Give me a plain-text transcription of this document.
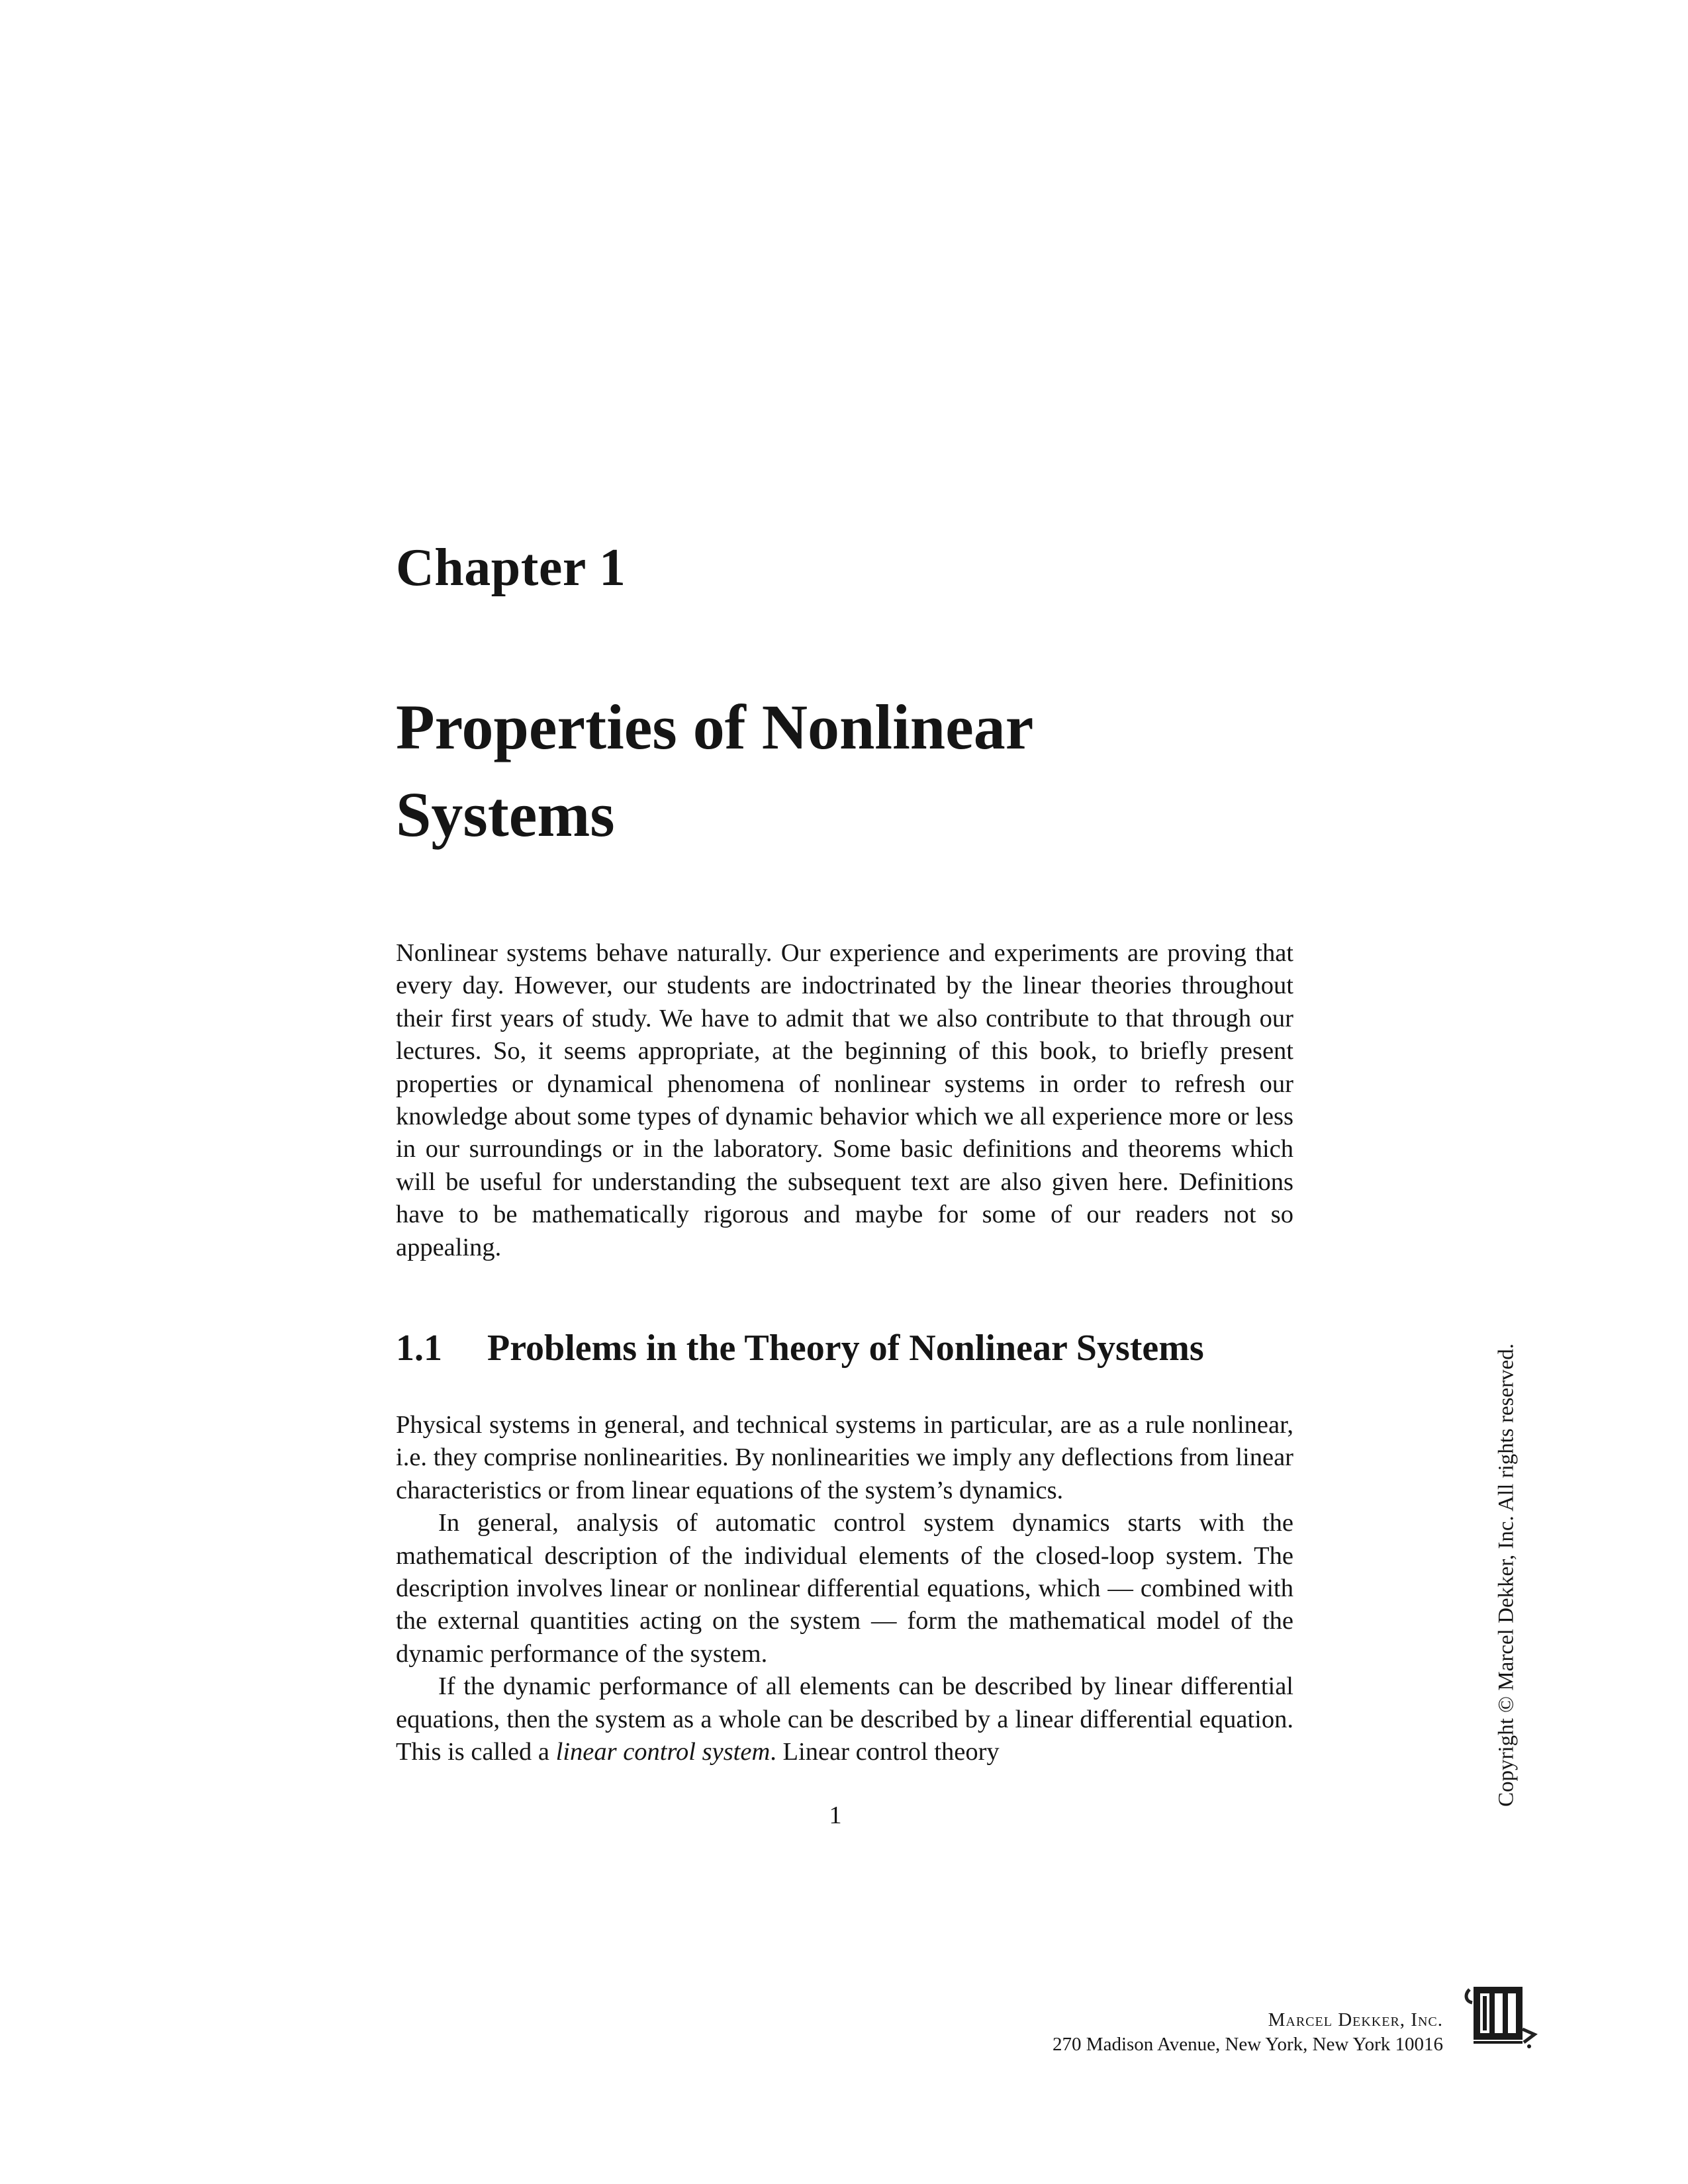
Chapter 1
Properties of Nonlinear
Systems

Nonlinear systems behave naturally. Our experience and experiments are proving that every day. However, our students are indoctrinated by the linear theories throughout their first years of study. We have to admit that we also contribute to that through our lectures. So, it seems appropriate, at the beginning of this book, to briefly present properties or dynamical phenomena of nonlinear systems in order to refresh our knowledge about some types of dynamic behavior which we all experience more or less in our surroundings or in the laboratory. Some basic definitions and theorems which will be useful for understanding the subsequent text are also given here. Definitions have to be mathematically rigorous and maybe for some of our readers not so appealing.

1.1 Problems in the Theory of Nonlinear Systems

Physical systems in general, and technical systems in particular, are as a rule nonlinear, i.e. they comprise nonlinearities. By nonlinearities we imply any deflections from linear characteristics or from linear equations of the system’s dynamics.

In general, analysis of automatic control system dynamics starts with the mathematical description of the individual elements of the closed-loop system. The description involves linear or nonlinear differential equations, which — combined with the external quantities acting on the system — form the mathematical model of the dynamic performance of the system.

If the dynamic performance of all elements can be described by linear differential equations, then the system as a whole can be described by a linear differential equation. This is called a linear control system. Linear control theory

1
Copyright © Marcel Dekker, Inc. All rights reserved.
Marcel Dekker, Inc.
270 Madison Avenue, New York, New York 10016
